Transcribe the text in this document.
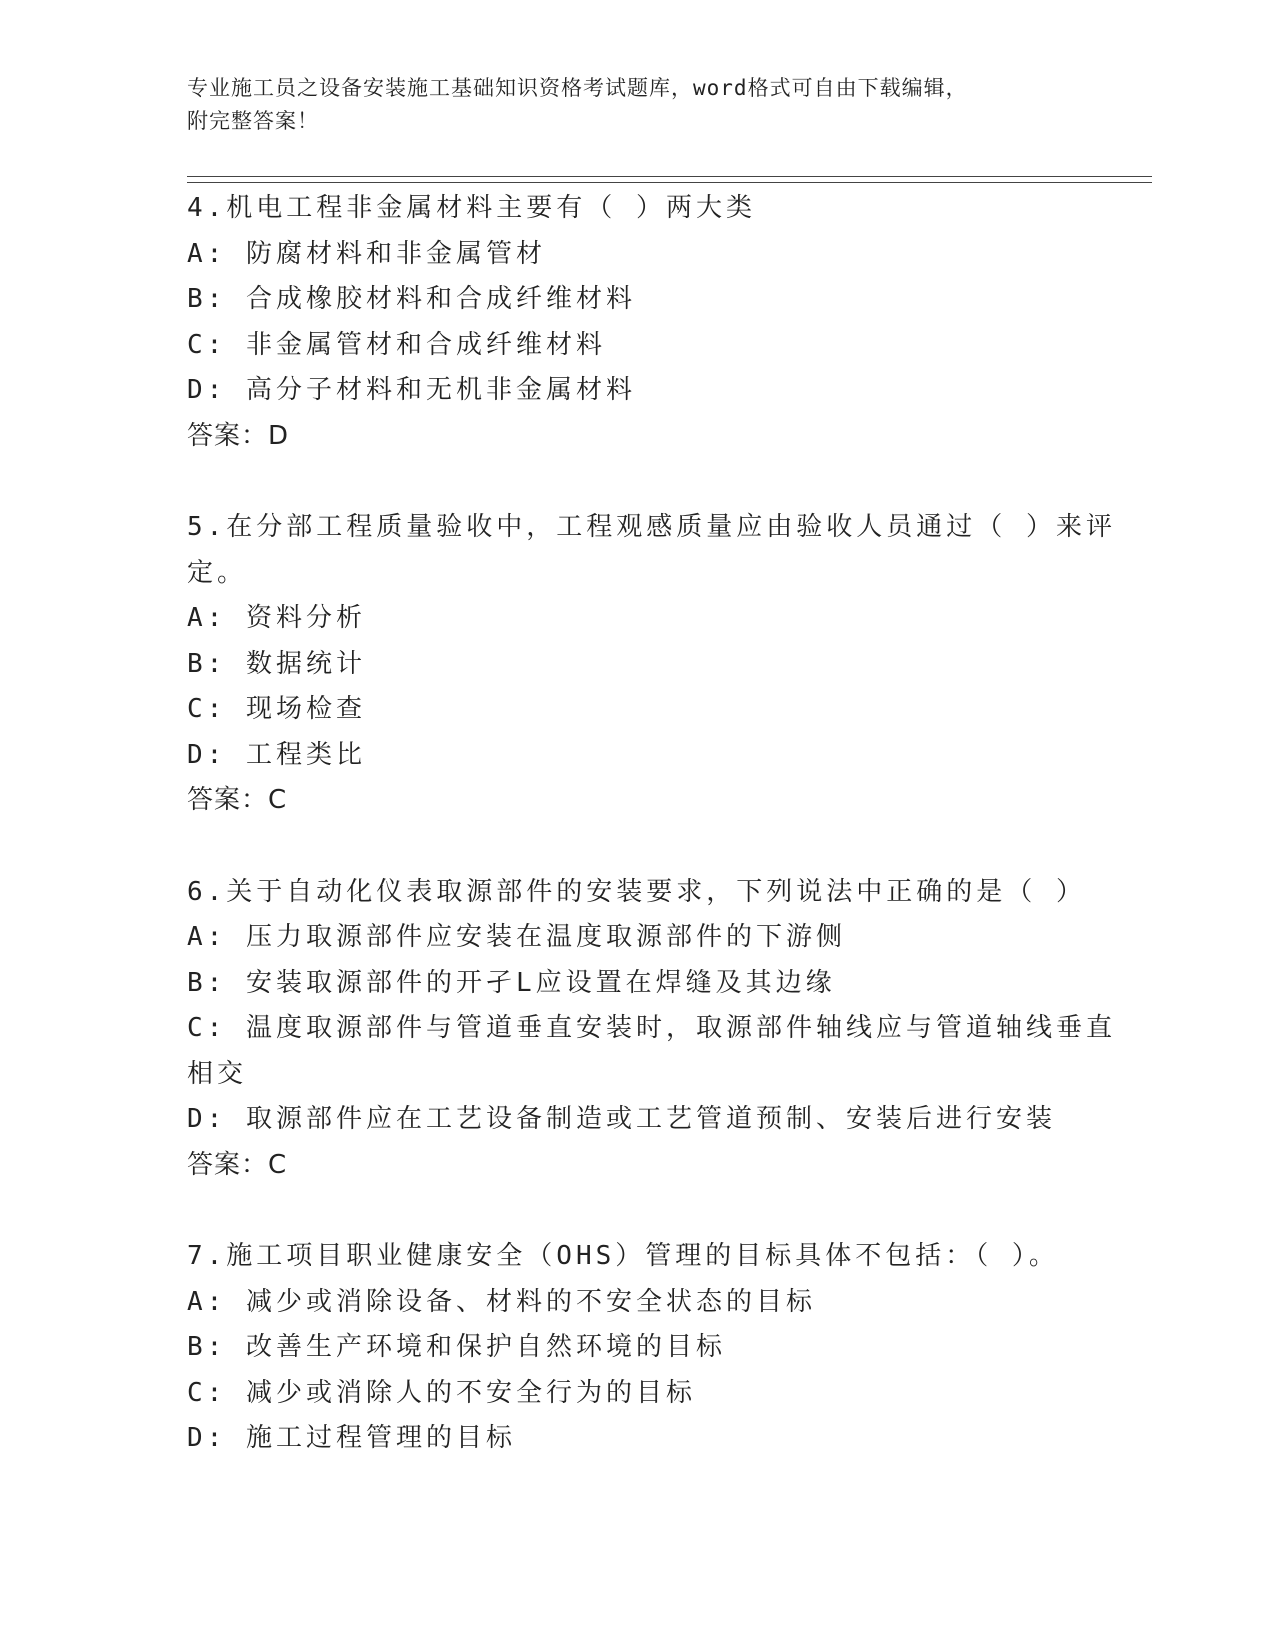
专业施工员之设备安装施工基础知识资格考试题库，word格式可自由下载编辑，
附完整答案！
4.机电工程非金属材料主要有（ ）两大类
A: 防腐材料和非金属管材
B: 合成橡胶材料和合成纤维材料
C: 非金属管材和合成纤维材料
D: 高分子材料和无机非金属材料
答案：D
5.在分部工程质量验收中，工程观感质量应由验收人员通过（ ）来评
定。
A: 资料分析
B: 数据统计
C: 现场检查
D: 工程类比
答案：C
6.关于自动化仪表取源部件的安装要求，下列说法中正确的是（ ）
A: 压力取源部件应安装在温度取源部件的下游侧
B: 安装取源部件的开孑L应设置在焊缝及其边缘
C: 温度取源部件与管道垂直安装时，取源部件轴线应与管道轴线垂直
相交
D: 取源部件应在工艺设备制造或工艺管道预制、安装后进行安装
答案：C
7.施工项目职业健康安全（OHS）管理的目标具体不包括：（ ）。
A: 减少或消除设备、材料的不安全状态的目标
B: 改善生产环境和保护自然环境的目标
C: 减少或消除人的不安全行为的目标
D: 施工过程管理的目标
